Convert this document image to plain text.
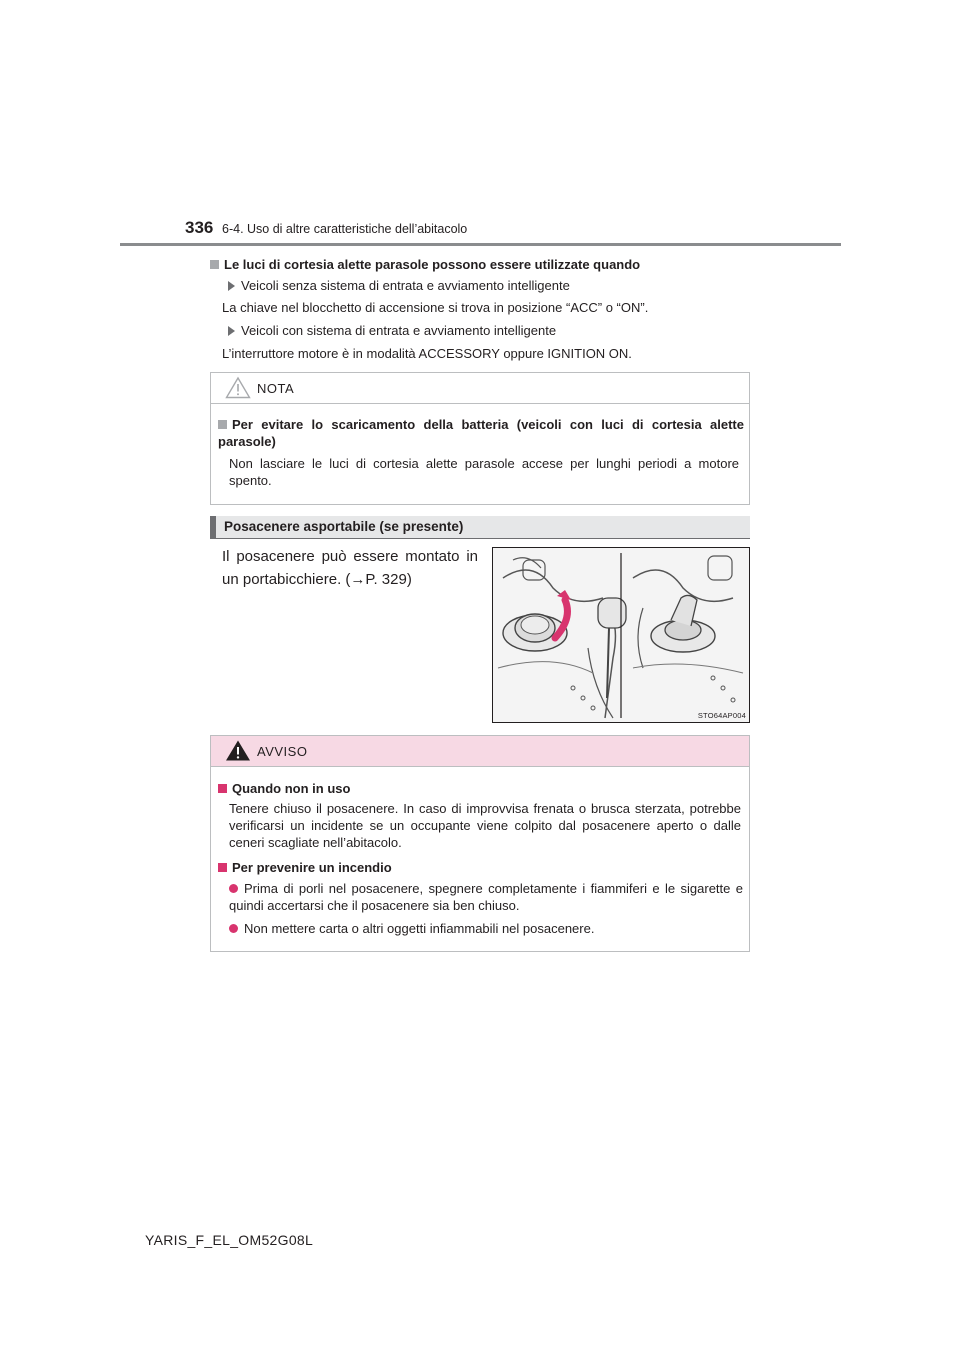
336 6-4. Uso di altre caratteristiche dell’abitacolo
Le luci di cortesia alette parasole possono essere utilizzate quando
Veicoli senza sistema di entrata e avviamento intelligente
La chiave nel blocchetto di accensione si trova in posizione “ACC” o “ON”.
Veicoli con sistema di entrata e avviamento intelligente
L’interruttore motore è in modalità ACCESSORY oppure IGNITION ON.
NOTA
Per evitare lo scaricamento della batteria (veicoli con luci di cortesia alette parasole)
Non lasciare le luci di cortesia alette parasole accese per lunghi periodi a motore spento.
Posacenere asportabile (se presente)
Il posacenere può essere montato in un portabicchiere. (→P. 329)
STO64AP004
AVVISO
Quando non in uso
Tenere chiuso il posacenere. In caso di improvvisa frenata o brusca sterzata, potrebbe verificarsi un incidente se un occupante viene colpito dal posacenere aperto o dalle ceneri scagliate nell’abitacolo.
Per prevenire un incendio
Prima di porli nel posacenere, spegnere completamente i fiammiferi e le sigarette e quindi accertarsi che il posacenere sia ben chiuso.
Non mettere carta o altri oggetti infiammabili nel posacenere.
YARIS_F_EL_OM52G08L
